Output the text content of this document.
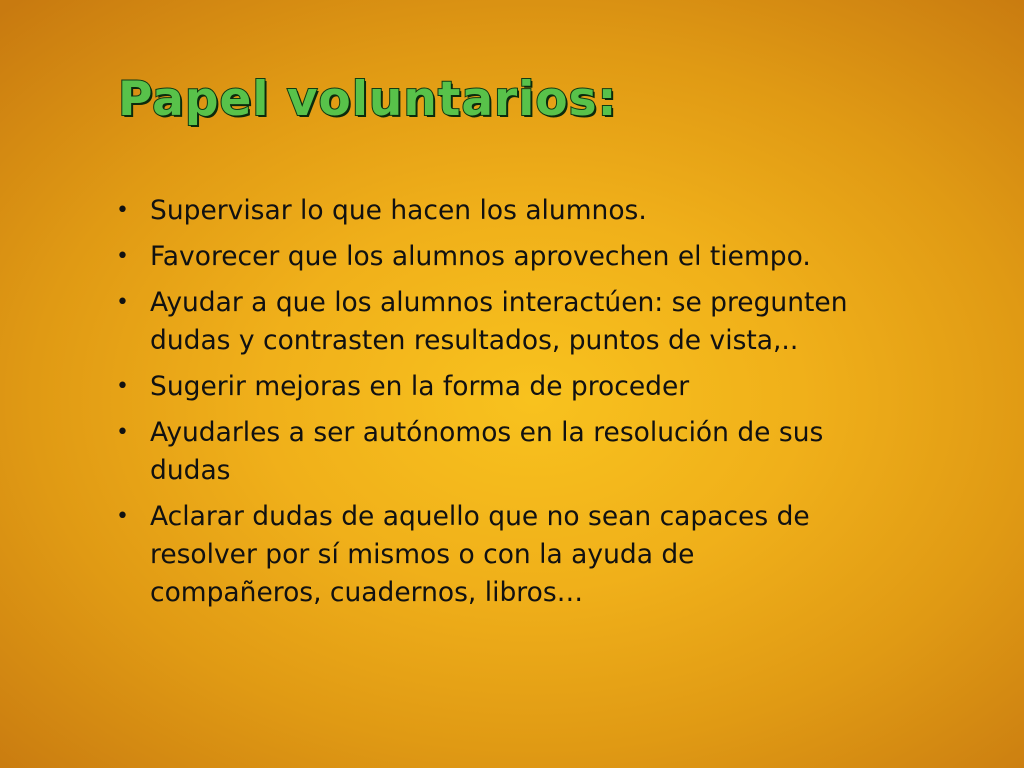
Papel voluntarios:
• Supervisar lo que hacen los alumnos.
• Favorecer que los alumnos aprovechen el tiempo.
• Ayudar a que los alumnos interactúen: se pregunten dudas y contrasten resultados, puntos de vista,..
• Sugerir mejoras en la forma de proceder
• Ayudarles a ser autónomos en la resolución de sus dudas
• Aclarar dudas de aquello que no sean capaces de resolver por sí mismos o con la ayuda de compañeros, cuadernos, libros…
